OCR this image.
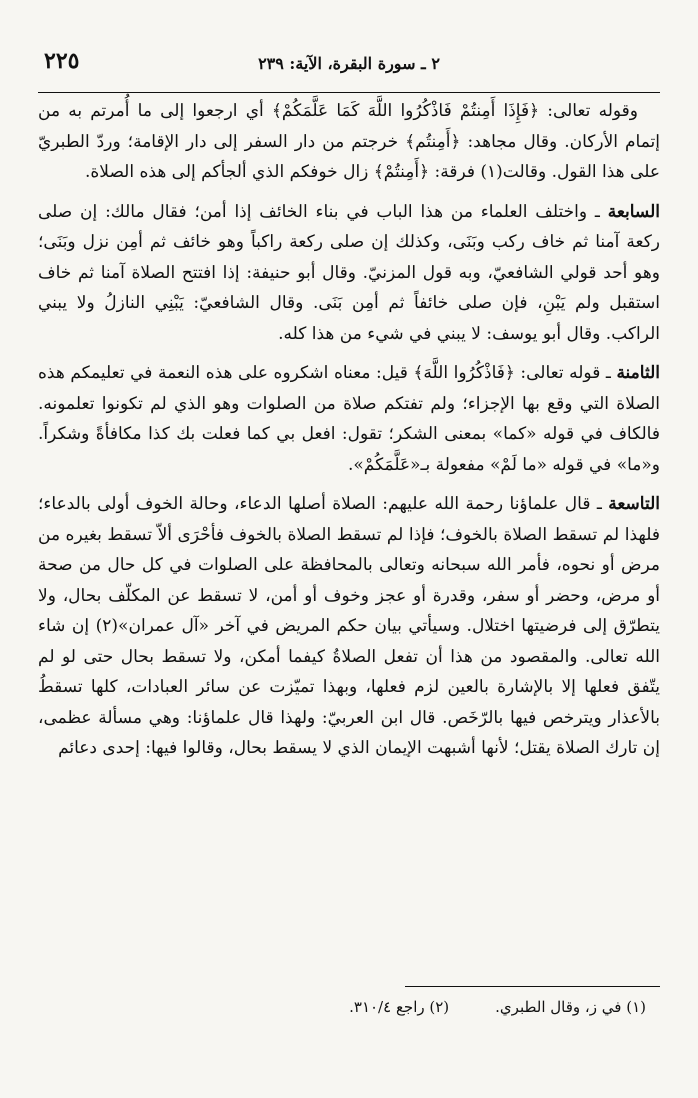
٢٢٥	٢ ـ سورة البقرة، الآية: ٢٣٩

وقوله تعالى: ﴿فَإِذَا أَمِنتُمْ فَاذْكُرُوا اللَّهَ كَمَا عَلَّمَكُمْ﴾ أي ارجعوا إلى ما أُمرتم به من إتمام الأركان. وقال مجاهد: ﴿أَمِنتُم﴾ خرجتم من دار السفر إلى دار الإقامة؛ وردّ الطبريّ على هذا القول. وقالت(١) فرقة: ﴿أَمِنتُمْ﴾ زال خوفكم الذي ألجأكم إلى هذه الصلاة.

السابعة ـ واختلف العلماء من هذا الباب في بناء الخائف إذا أمن؛ فقال مالك: إن صلى ركعة آمنا ثم خاف ركب وبَنَى، وكذلك إن صلى ركعة راكباً وهو خائف ثم أمِن نزل وبَنَى؛ وهو أحد قولي الشافعيّ، وبه قول المزنيّ. وقال أبو حنيفة: إذا افتتح الصلاة آمنا ثم خاف استقبل ولم يَبْنِ، فإن صلى خائفاً ثم أمِن بَنَى. وقال الشافعيّ: يَبْنِي النازلُ ولا يبني الراكب. وقال أبو يوسف: لا يبني في شيء من هذا كله.

الثامنة ـ قوله تعالى: ﴿فَاذْكُرُوا اللَّهَ﴾ قيل: معناه اشكروه على هذه النعمة في تعليمكم هذه الصلاة التي وقع بها الإجزاء؛ ولم تفتكم صلاة من الصلوات وهو الذي لم تكونوا تعلمونه. فالكاف في قوله «كما» بمعنى الشكر؛ تقول: افعل بي كما فعلت بك كذا مكافأةً وشكراً. و«ما» في قوله «ما لَمْ» مفعولة بـ«عَلَّمَكُمْ».

التاسعة ـ قال علماؤنا رحمة الله عليهم: الصلاة أصلها الدعاء، وحالة الخوف أولى بالدعاء؛ فلهذا لم تسقط الصلاة بالخوف؛ فإذا لم تسقط الصلاة بالخوف فأحْرَى ألاّ تسقط بغيره من مرض أو نحوه، فأمر الله سبحانه وتعالى بالمحافظة على الصلوات في كل حال من صحة أو مرض، وحضر أو سفر، وقدرة أو عجز وخوف أو أمن، لا تسقط عن المكلّف بحال، ولا يتطرّق إلى فرضيتها اختلال. وسيأتي بيان حكم المريض في آخر «آل عمران»(٢) إن شاء الله تعالى. والمقصود من هذا أن تفعل الصلاةُ كيفما أمكن، ولا تسقط بحال حتى لو لم يتّفق فعلها إلا بالإشارة بالعين لزم فعلها، وبهذا تميّزت عن سائر العبادات، كلها تسقطُ بالأعذار ويترخص فيها بالرّخَص. قال ابن العربيّ: ولهذا قال علماؤنا: وهي مسألة عظمى، إن تارك الصلاة يقتل؛ لأنها أشبهت الإيمان الذي لا يسقط بحال، وقالوا فيها: إحدى دعائم

(١) في ز، وقال الطبري.
(٢) راجع ٣١٠/٤.
